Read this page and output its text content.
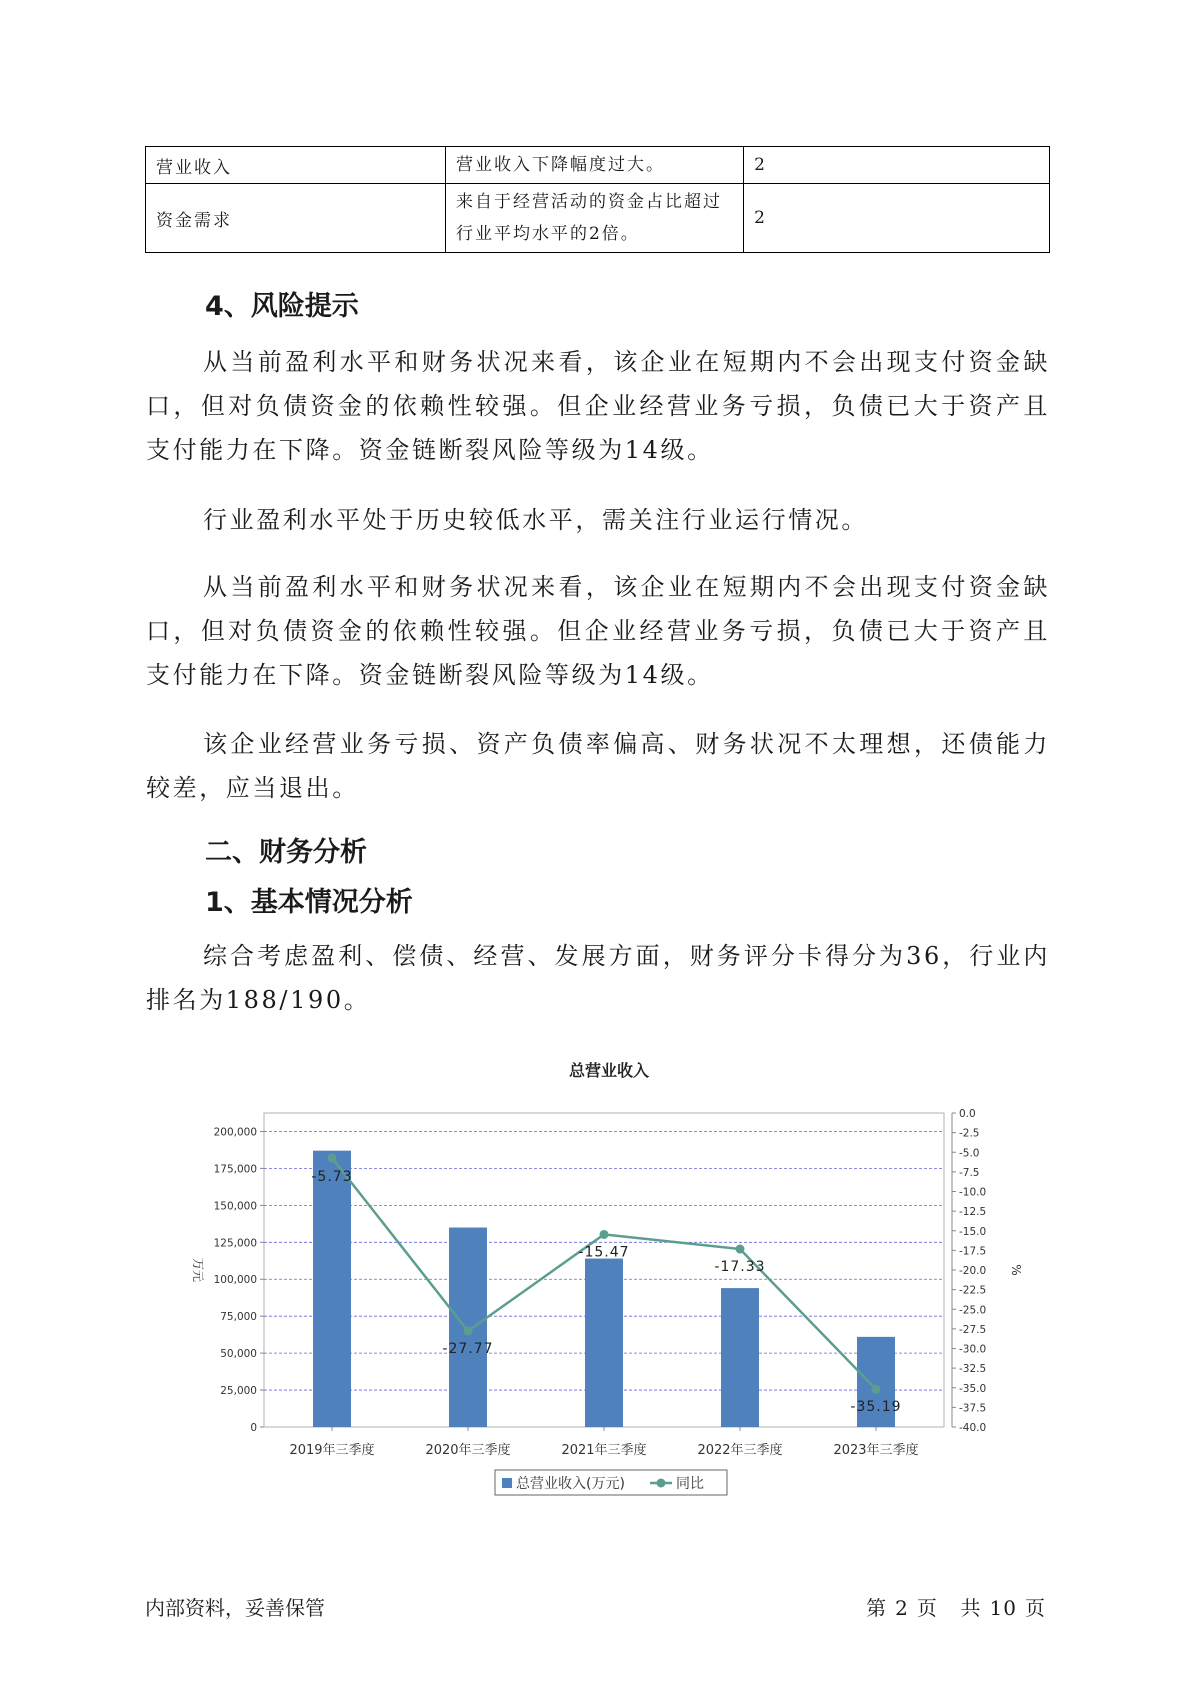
营业收入	营业收入下降幅度过大。	2
资金需求	来自于经营活动的资金占比超过行业平均水平的2倍。	2
4、风险提示

从当前盈利水平和财务状况来看，该企业在短期内不会出现支付资金缺口，但对负债资金的依赖性较强。但企业经营业务亏损，负债已大于资产且支付能力在下降。资金链断裂风险等级为14级。

行业盈利水平处于历史较低水平，需关注行业运行情况。

从当前盈利水平和财务状况来看，该企业在短期内不会出现支付资金缺口，但对负债资金的依赖性较强。但企业经营业务亏损，负债已大于资产且支付能力在下降。资金链断裂风险等级为14级。

该企业经营业务亏损、资产负债率偏高、财务状况不太理想，还债能力较差，应当退出。

二、财务分析
1、基本情况分析

综合考虑盈利、偿债、经营、发展方面，财务评分卡得分为36，行业内排名为188/190。

总营业收入
0
25,000
50,000
75,000
100,000
125,000
150,000
175,000
200,000
0.0
-2.5
-5.0
-7.5
-10.0
-12.5
-15.0
-17.5
-20.0
-22.5
-25.0
-27.5
-30.0
-32.5
-35.0
-37.5
-40.0
万元	%
2019年三季度	2020年三季度	2021年三季度	2022年三季度	2023年三季度
-5.73
-27.77
-15.47
-17.33
-35.19
总营业收入(万元)	同比
内部资料，妥善保管	第 2 页 共 10 页
